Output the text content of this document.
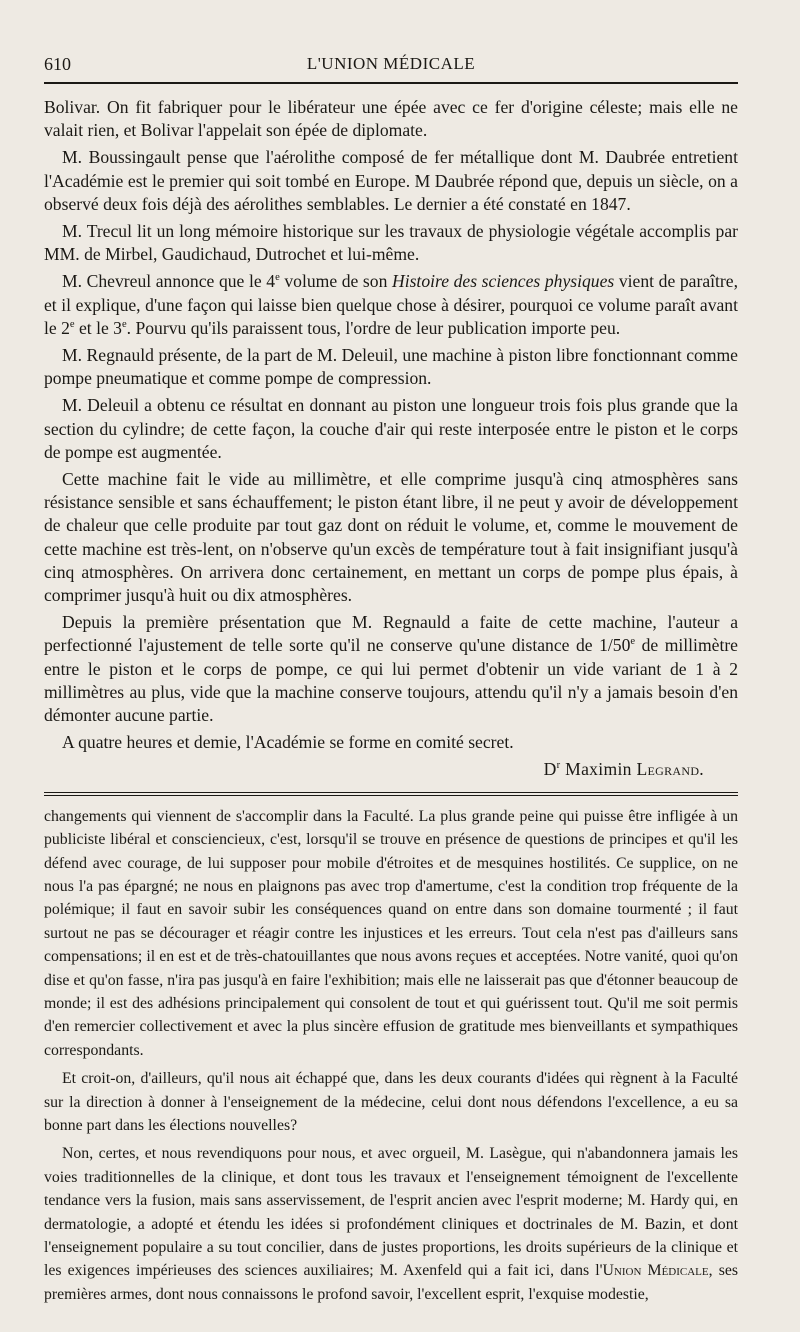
610	L'UNION MÉDICALE

Bolivar. On fit fabriquer pour le libérateur une épée avec ce fer d'origine céleste; mais elle ne valait rien, et Bolivar l'appelait son épée de diplomate.

M. Boussingault pense que l'aérolithe composé de fer métallique dont M. Daubrée entretient l'Académie est le premier qui soit tombé en Europe. M Daubrée répond que, depuis un siècle, on a observé deux fois déjà des aérolithes semblables. Le dernier a été constaté en 1847.

M. Trecul lit un long mémoire historique sur les travaux de physiologie végétale accomplis par MM. de Mirbel, Gaudichaud, Dutrochet et lui-même.

M. Chevreul annonce que le 4e volume de son Histoire des sciences physiques vient de paraître, et il explique, d'une façon qui laisse bien quelque chose à désirer, pourquoi ce volume paraît avant le 2e et le 3e. Pourvu qu'ils paraissent tous, l'ordre de leur publication importe peu.

M. Regnauld présente, de la part de M. Deleuil, une machine à piston libre fonctionnant comme pompe pneumatique et comme pompe de compression.

M. Deleuil a obtenu ce résultat en donnant au piston une longueur trois fois plus grande que la section du cylindre; de cette façon, la couche d'air qui reste interposée entre le piston et le corps de pompe est augmentée.

Cette machine fait le vide au millimètre, et elle comprime jusqu'à cinq atmosphères sans résistance sensible et sans échauffement; le piston étant libre, il ne peut y avoir de développement de chaleur que celle produite par tout gaz dont on réduit le volume, et, comme le mouvement de cette machine est très-lent, on n'observe qu'un excès de température tout à fait insignifiant jusqu'à cinq atmosphères. On arrivera donc certainement, en mettant un corps de pompe plus épais, à comprimer jusqu'à huit ou dix atmosphères.

Depuis la première présentation que M. Regnauld a faite de cette machine, l'auteur a perfectionné l'ajustement de telle sorte qu'il ne conserve qu'une distance de 1/50e de millimètre entre le piston et le corps de pompe, ce qui lui permet d'obtenir un vide variant de 1 à 2 millimètres au plus, vide que la machine conserve toujours, attendu qu'il n'y a jamais besoin d'en démonter aucune partie.

A quatre heures et demie, l'Académie se forme en comité secret.

$D^r$ Maximin Legrand.

changements qui viennent de s'accomplir dans la Faculté. La plus grande peine qui puisse être infligée à un publiciste libéral et consciencieux, c'est, lorsqu'il se trouve en présence de questions de principes et qu'il les défend avec courage, de lui supposer pour mobile d'étroites et de mesquines hostilités. Ce supplice, on ne nous l'a pas épargné; ne nous en plaignons pas avec trop d'amertume, c'est la condition trop fréquente de la polémique; il faut en savoir subir les conséquences quand on entre dans son domaine tourmenté ; il faut surtout ne pas se décourager et réagir contre les injustices et les erreurs. Tout cela n'est pas d'ailleurs sans compensations; il en est et de très-chatouillantes que nous avons reçues et acceptées. Notre vanité, quoi qu'on dise et qu'on fasse, n'ira pas jusqu'à en faire l'exhibition; mais elle ne laisserait pas que d'étonner beaucoup de monde; il est des adhésions principalement qui consolent de tout et qui guérissent tout. Qu'il me soit permis d'en remercier collectivement et avec la plus sincère effusion de gratitude mes bienveillants et sympathiques correspondants.

Et croit-on, d'ailleurs, qu'il nous ait échappé que, dans les deux courants d'idées qui règnent à la Faculté sur la direction à donner à l'enseignement de la médecine, celui dont nous défendons l'excellence, a eu sa bonne part dans les élections nouvelles?

Non, certes, et nous revendiquons pour nous, et avec orgueil, M. Lasègue, qui n'abandonnera jamais les voies traditionnelles de la clinique, et dont tous les travaux et l'enseignement témoignent de l'excellente tendance vers la fusion, mais sans asservissement, de l'esprit ancien avec l'esprit moderne; M. Hardy qui, en dermatologie, a adopté et étendu les idées si profondément cliniques et doctrinales de M. Bazin, et dont l'enseignement populaire a su tout concilier, dans de justes proportions, les droits supérieurs de la clinique et les exigences impérieuses des sciences auxiliaires; M. Axenfeld qui a fait ici, dans l'Union Médicale, ses premières armes, dont nous connaissons le profond savoir, l'excellent esprit, l'exquise modestie,
